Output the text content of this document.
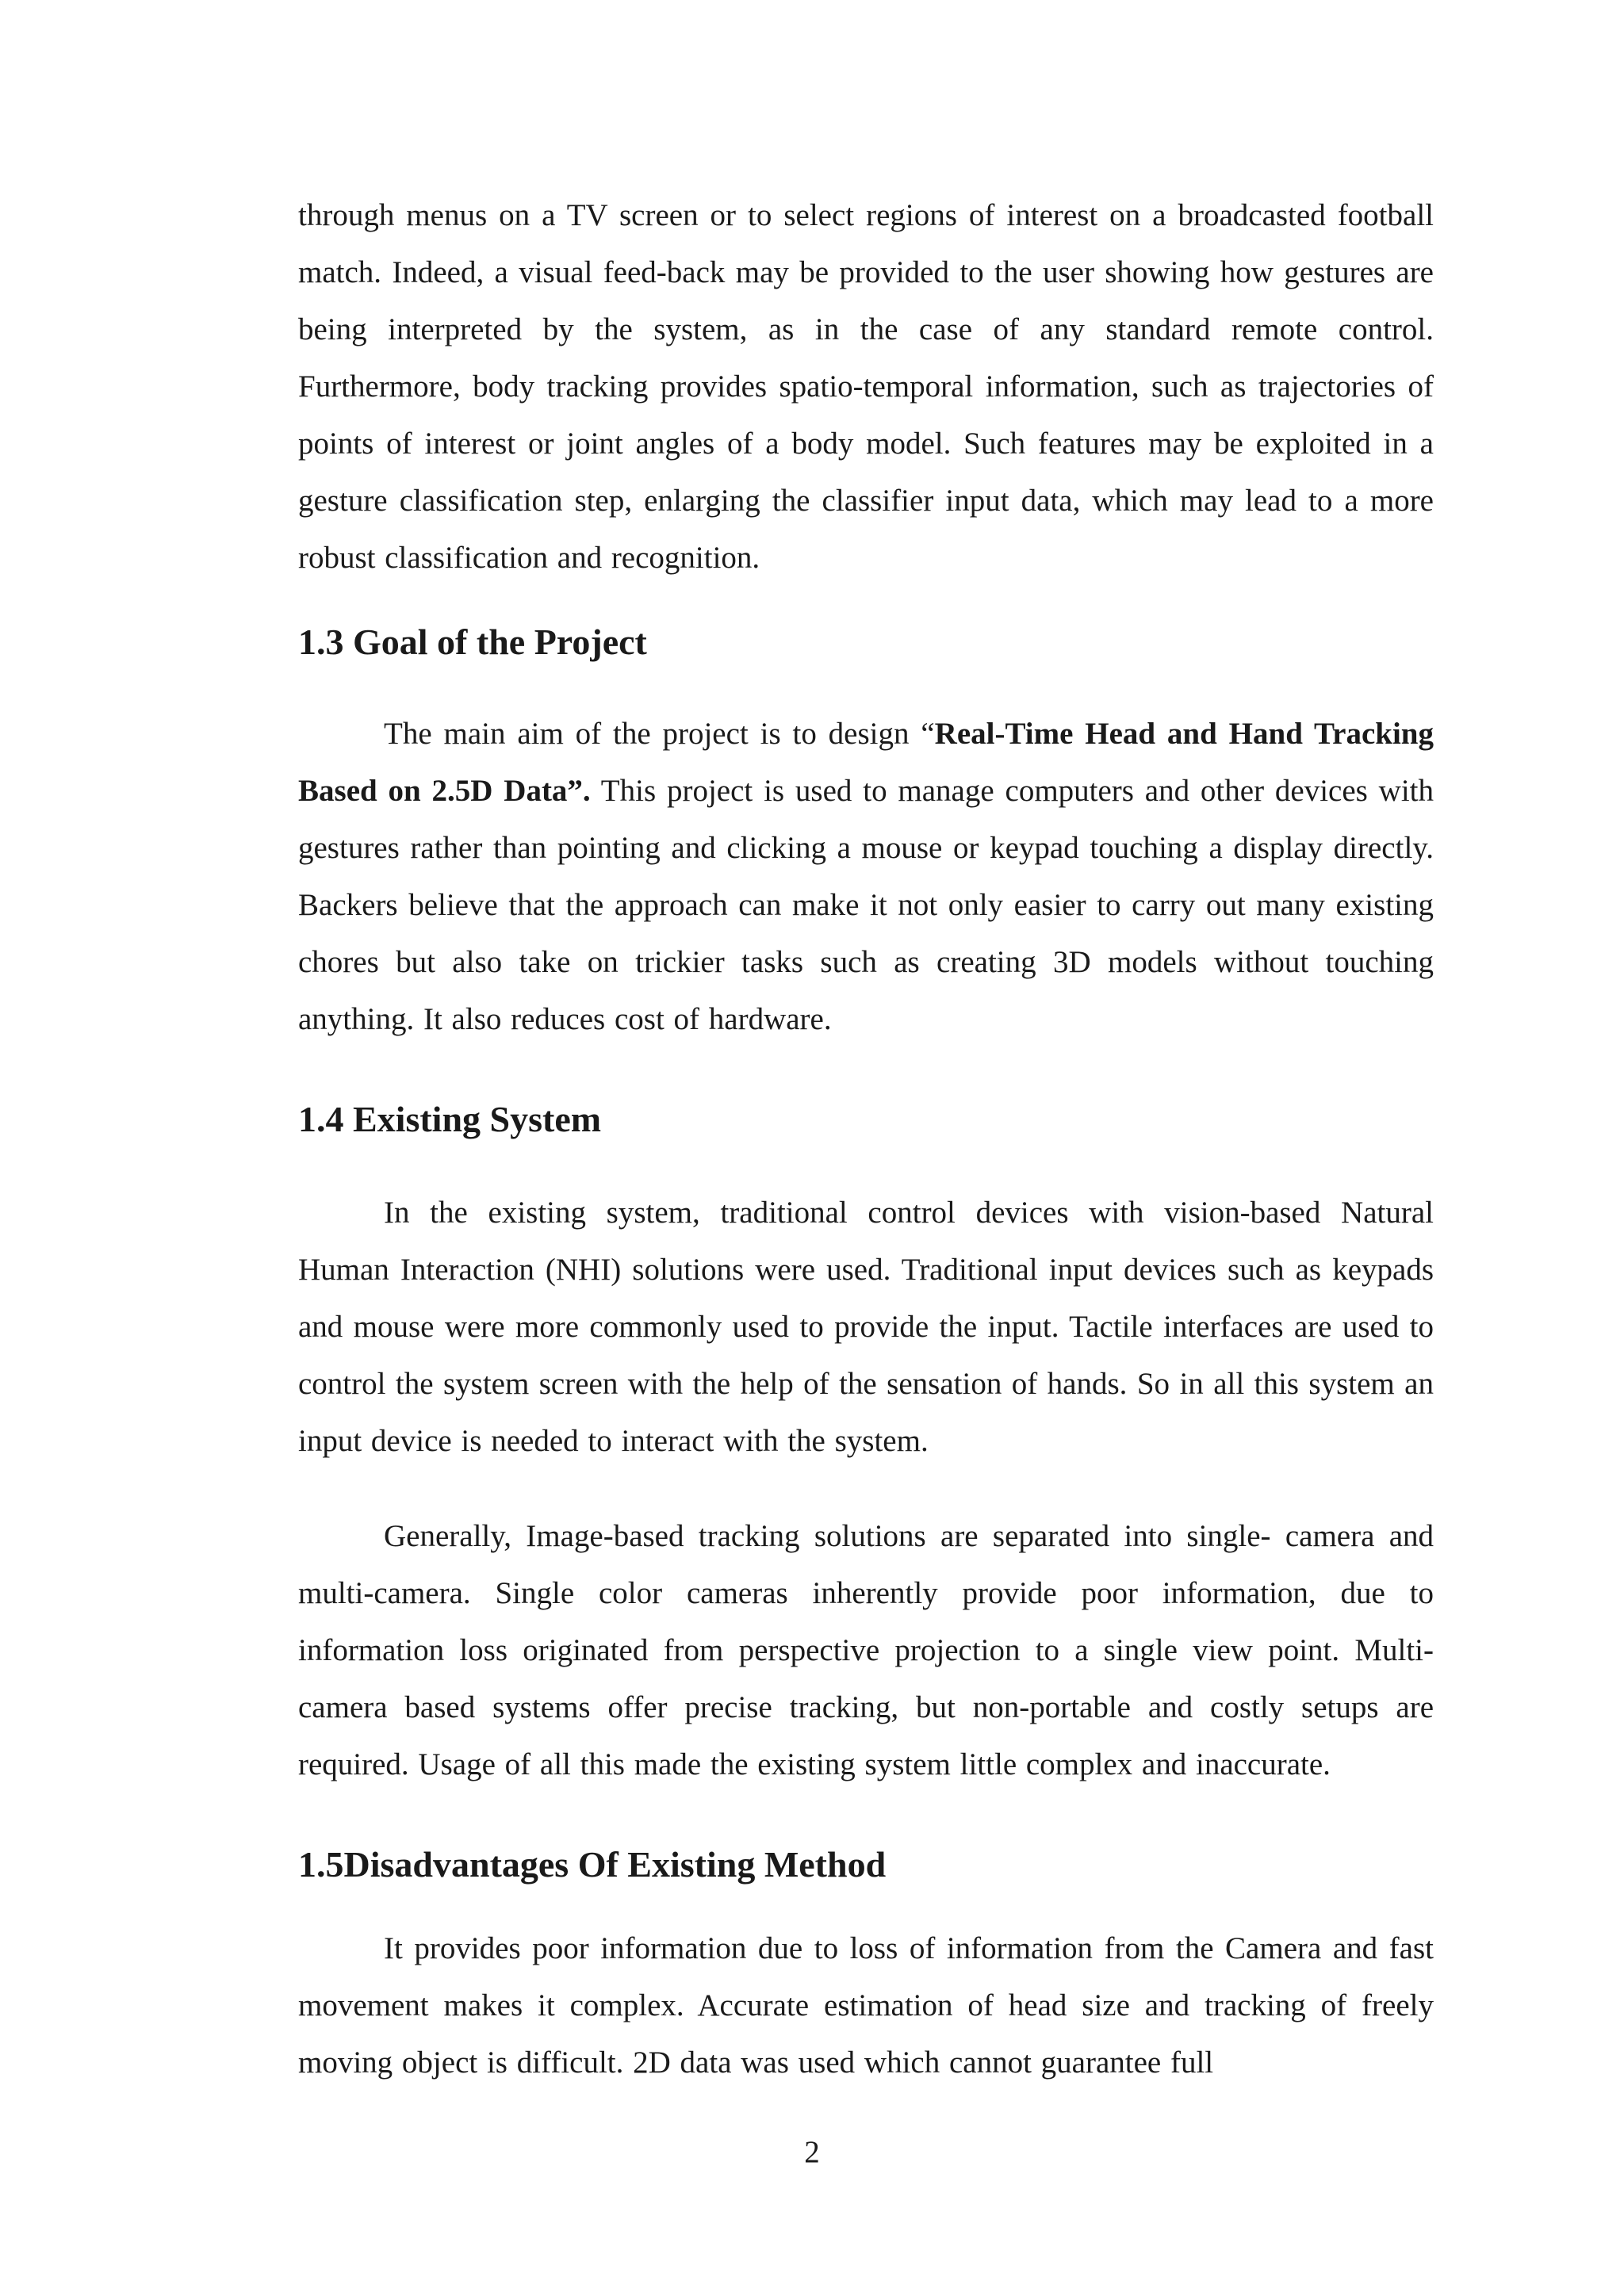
through menus on a TV screen or to select regions of interest on a broadcasted football match. Indeed, a visual feed-back may be provided to the user showing how gestures are being interpreted by the system, as in the case of any standard remote control. Furthermore, body tracking provides spatio-temporal information, such as trajectories of points of interest or joint angles of a body model. Such features may be exploited in a gesture classification step, enlarging the classifier input data, which may lead to a more robust classification and recognition.

1.3 Goal of the Project

The main aim of the project is to design “Real-Time Head and Hand Tracking Based on 2.5D Data”. This project is used to manage computers and other devices with gestures rather than pointing and clicking a mouse or keypad touching a display directly. Backers believe that the approach can make it not only easier to carry out many existing chores but also take on trickier tasks such as creating 3D models without touching anything. It also reduces cost of hardware.

1.4 Existing System

In the existing system, traditional control devices with vision-based Natural Human Interaction (NHI) solutions were used. Traditional input devices such as keypads and mouse were more commonly used to provide the input. Tactile interfaces are used to control the system screen with the help of the sensation of hands. So in all this system an input device is needed to interact with the system.

Generally, Image-based tracking solutions are separated into single- camera and multi-camera. Single color cameras inherently provide poor information, due to information loss originated from perspective projection to a single view point. Multi-camera based systems offer precise tracking, but non-portable and costly setups are required. Usage of all this made the existing system little complex and inaccurate.

1.5Disadvantages Of Existing Method

It provides poor information due to loss of information from the Camera and fast movement makes it complex. Accurate estimation of head size and tracking of freely moving object is difficult. 2D data was used which cannot guarantee full

2
